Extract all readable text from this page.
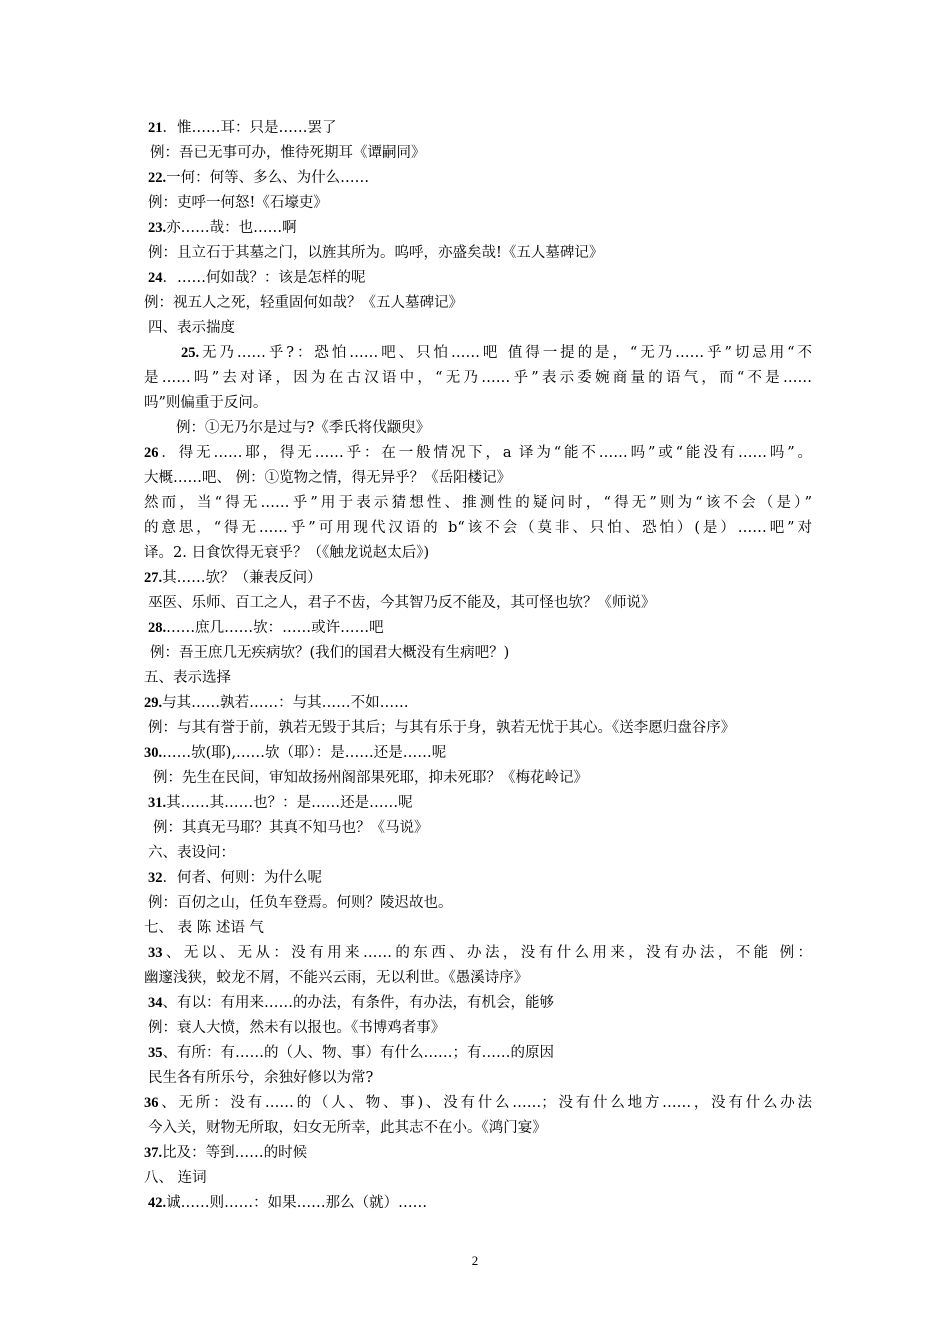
21．惟……耳：只是……罢了
例：吾已无事可办，惟待死期耳《谭嗣同》
22.一何：何等、多么、为什么……
例：吏呼一何怒!《石壕吏》
23.亦……哉：也……啊
例：且立石于其墓之门，以旌其所为。呜呼，亦盛矣哉!《五人墓碑记》
24．……何如哉？：该是怎样的呢
例：视五人之死，轻重固何如哉？《五人墓碑记》
四、表示揣度
25.无乃……乎?：恐怕……吧、只怕……吧 值得一提的是，“无乃……乎”切忌用“不
是……吗”去对译，因为在古汉语中，“无乃……乎”表示委婉商量的语气，而“不是……
吗”则偏重于反问。
例：①无乃尔是过与?《季氏将伐颛臾》
26．得无……耶，得无……乎：在一般情况下，a 译为“能不……吗”或“能没有……吗”。
大概……吧、 例：①览物之情，得无异乎？《岳阳楼记》
然而，当“得无……乎”用于表示猜想性、推测性的疑问时，“得无”则为“该不会（是）”
的意思，“得无……乎”可用现代汉语的 b“该不会（莫非、只怕、恐怕）(是）……吧”对
译。2. 日食饮得无衰乎？（《触龙说赵太后》)
27.其……欤？（兼表反问）
巫医、乐师、百工之人，君子不齿，今其智乃反不能及，其可怪也欤？《师说》
28.……庶几……欤：……或许……吧
例：吾王庶几无疾病欤？(我们的国君大概没有生病吧？)
五、表示选择
29.与其……孰若……：与其……不如……
例：与其有誉于前，孰若无毁于其后；与其有乐于身，孰若无忧于其心。《送李愿归盘谷序》
30.……欤(耶),……欤（耶）：是……还是……呢
例：先生在民间，审知故扬州阁部果死耶，抑未死耶？《梅花岭记》
31.其……其……也？：是……还是……呢
例：其真无马耶？其真不知马也？《马说》
六、表设问：
32．何者、何则：为什么呢
例：百仞之山，任负车登焉。何则？陵迟故也。
七、 表 陈 述语 气
33、无以、无从：没有用来……的东西、办法，没有什么用来，没有办法，不能 例：
幽邃浅狭，蛟龙不屑，不能兴云雨，无以利世。《愚溪诗序》
34、有以：有用来……的办法，有条件，有办法，有机会，能够
例：衰人大愤，然未有以报也。《书博鸡者事》
35、有所：有……的（人、物、事）有什么……；有……的原因
民生各有所乐兮，余独好修以为常?
36、无所：没有……的（人、物、事)、没有什么……；没有什么地方……，没有什么办法
今入关，财物无所取，妇女无所幸，此其志不在小。《鸿门宴》
37.比及：等到……的时候
八、 连词
42.诚……则……：如果……那么（就）……
2
